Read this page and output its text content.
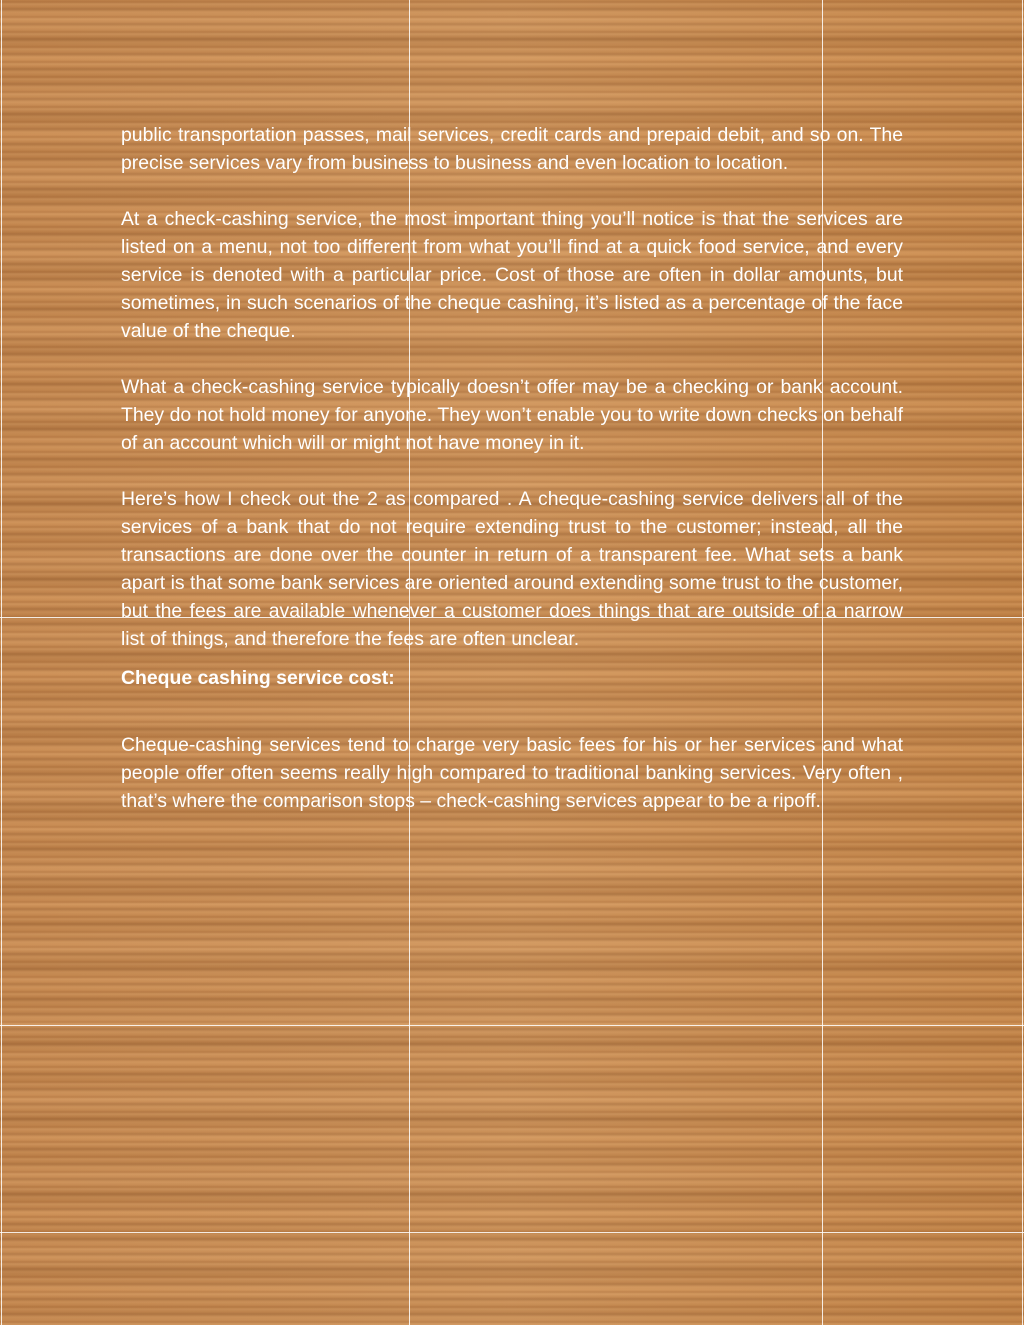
public transportation passes, mail services, credit cards and prepaid debit, and so on. The precise services vary from business to business and even location to location.

At a check-cashing service, the most important thing you’ll notice is that the services are listed on a menu, not too different from what you’ll find at a quick food service, and every service is denoted with a particular price. Cost of those are often in dollar amounts, but sometimes, in such scenarios of the cheque cashing, it’s listed as a percentage of the face value of the cheque.

What a check-cashing service typically doesn’t offer may be a checking or bank account. They do not hold money for anyone. They won’t enable you to write down checks on behalf of an account which will or might not have money in it.

Here’s how I check out the 2 as compared . A cheque-cashing service delivers all of the services of a bank that do not require extending trust to the customer; instead, all the transactions are done over the counter in return of a transparent fee. What sets a bank apart is that some bank services are oriented around extending some trust to the customer, but the fees are available whenever a customer does things that are outside of a narrow list of things, and therefore the fees are often unclear.

Cheque cashing service cost:

Cheque-cashing services tend to charge very basic fees for his or her services and what people offer often seems really high compared to traditional banking services. Very often , that’s where the comparison stops – check-cashing services appear to be a ripoff.
